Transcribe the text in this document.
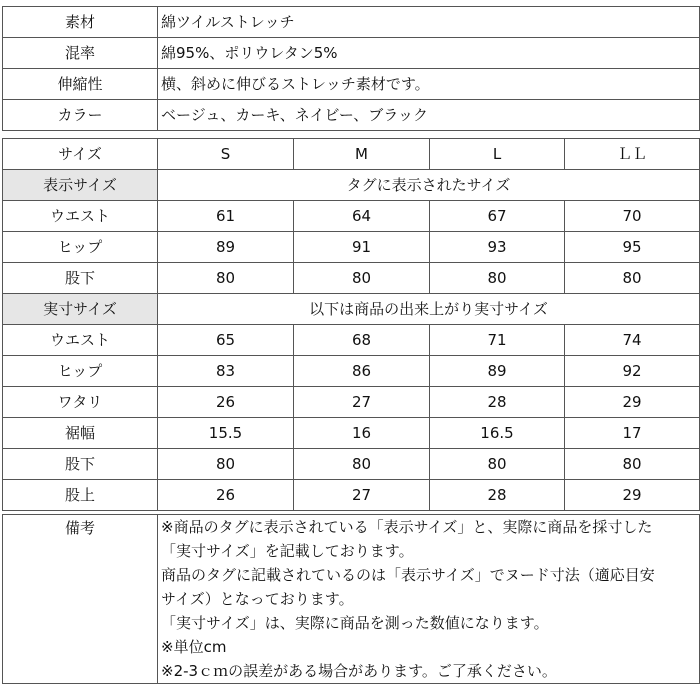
素材	綿ツイルストレッチ
混率	綿95%、ポリウレタン5%
伸縮性	横、斜めに伸びるストレッチ素材です。
カラー	ベージュ、カーキ、ネイビー、ブラック
サイズ	S	M	L	ＬＬ
表示サイズ	タグに表示されたサイズ			
ウエスト	61	64	67	70
ヒップ	89	91	93	95
股下	80	80	80	80
実寸サイズ	以下は商品の出来上がり実寸サイズ			
ウエスト	65	68	71	74
ヒップ	83	86	89	92
ワタリ	26	27	28	29
裾幅	15.5	16	16.5	17
股下	80	80	80	80
股上	26	27	28	29
備考	※商品のタグに表示されている「表示サイズ」と、実際に商品を採寸した
「実寸サイズ」を記載しております。
商品のタグに記載されているのは「表示サイズ」でヌード寸法（適応目安
サイズ）となっております。
「実寸サイズ」は、実際に商品を測った数値になります。
※単位cm
※2-3ｃｍの誤差がある場合があります。ご了承ください。
